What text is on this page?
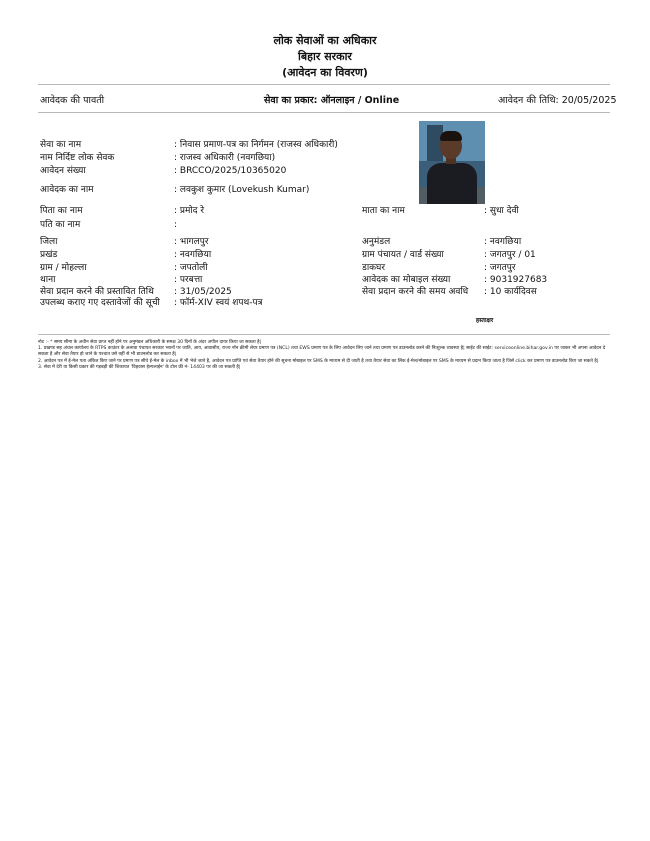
लोक सेवाओं का अधिकार
बिहार सरकार
(आवेदन का विवरण)
आवेदक की पावती	सेवा का प्रकार: ऑनलाइन / Online	आवेदन की तिथि: 20/05/2025
सेवा का नाम	: निवास प्रमाण-पत्र का निर्गमन (राजस्व अधिकारी)
नाम निर्दिष्ट लोक सेवक	: राजस्व अधिकारी (नवगछिया)
आवेदन संख्या	: BRCCO/2025/10365020
आवेदक का नाम	: लवकुश कुमार (Lovekush Kumar)
पिता का नाम	: प्रमोद रे	माता का नाम	: सुधा देवी
पति का नाम	:
जिला	: भागलपुर	अनुमंडल	: नवगछिया
प्रखंड	: नवगछिया	ग्राम पंचायत / वार्ड संख्या	: जगतपुर / 01
ग्राम / मोहल्ला	: जपतोली	डाकघर	: जगतपुर
थाना	: परबत्ता	आवेदक का मोबाइल संख्या	: 9031927683
सेवा प्रदान करने की प्रस्तावित तिथि : 31/05/2025	सेवा प्रदान करने की समय अवधि : 10 कार्यदिवस
उपलब्ध कराए गए दस्तावेजों की सूची : फॉर्म-XIV स्वयं शपथ-पत्र
हस्ताक्षर
नोट :- * समय सीमा के अधीन सेवा प्राप्त नहीं होने पर अनुमंडल अधिकारी के समक्ष 30 दिनों के अंदर अपील दायर किया जा सकता है|
1. प्रखण्ड सह अंचल कार्यालय के RTPS काउंटर के अलावा पंचायत सरकार भवनों पर जाति, आय, आवासीय, राज्य नॉन क्रीमी लेयर प्रमाण पत्र (NCL) तथा EWS प्रमाण पत्र के लिए आवेदन लिए जाने तथा प्रमाण पत्र डाउनलोड करने की निःशुल्क व्यवस्था है| साईट की साईट: serviceonline.bihar.gov.in पर जाकर भी अपना आवेदन दे सकता है और सेवा तैयार हो जाने के पश्चात उसे वहीं से भी डाउनलोड कर सकता है|
2. आवेदन पत्र में ई-मेल पता अंकित किए जाने पर प्रमाण पत्र सीधे ई-मेल के inbox में भी भेजे जाते है, आवेदन पत्र प्राप्ति एवं सेवा तैयार होने की सूचना मोबाइल पर SMS के माध्यम से दी जाती है तथा तैयार सेवा का लिंक ई-मेल/मोबाइल पर SMS के माध्यम से प्रदान किया जाता है जिसे click कर प्रमाण पत्र डाउनलोड किए जा सकते है|
3. सेवा में देरी या किसी प्रकार की गड़बड़ी की शिकायत 'विहवास हेल्पलाईन' के टोल फ्री नं- 14403 पर की जा सकती है|
